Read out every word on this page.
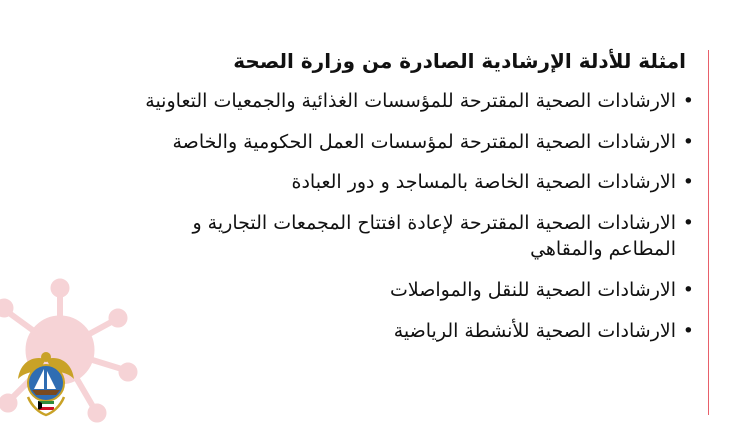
امثلة للأدلة الإرشادية الصادرة من وزارة الصحة
•
الارشادات الصحية المقترحة للمؤسسات الغذائية والجمعيات التعاونية
•
الارشادات الصحية المقترحة لمؤسسات العمل الحكومية والخاصة
•
الارشادات الصحية الخاصة بالمساجد و دور العبادة
•
الارشادات الصحية المقترحة لإعادة افتتاح المجمعات التجارية و المطاعم والمقاهي
•
الارشادات الصحية للنقل والمواصلات
•
الارشادات الصحية للأنشطة الرياضية
